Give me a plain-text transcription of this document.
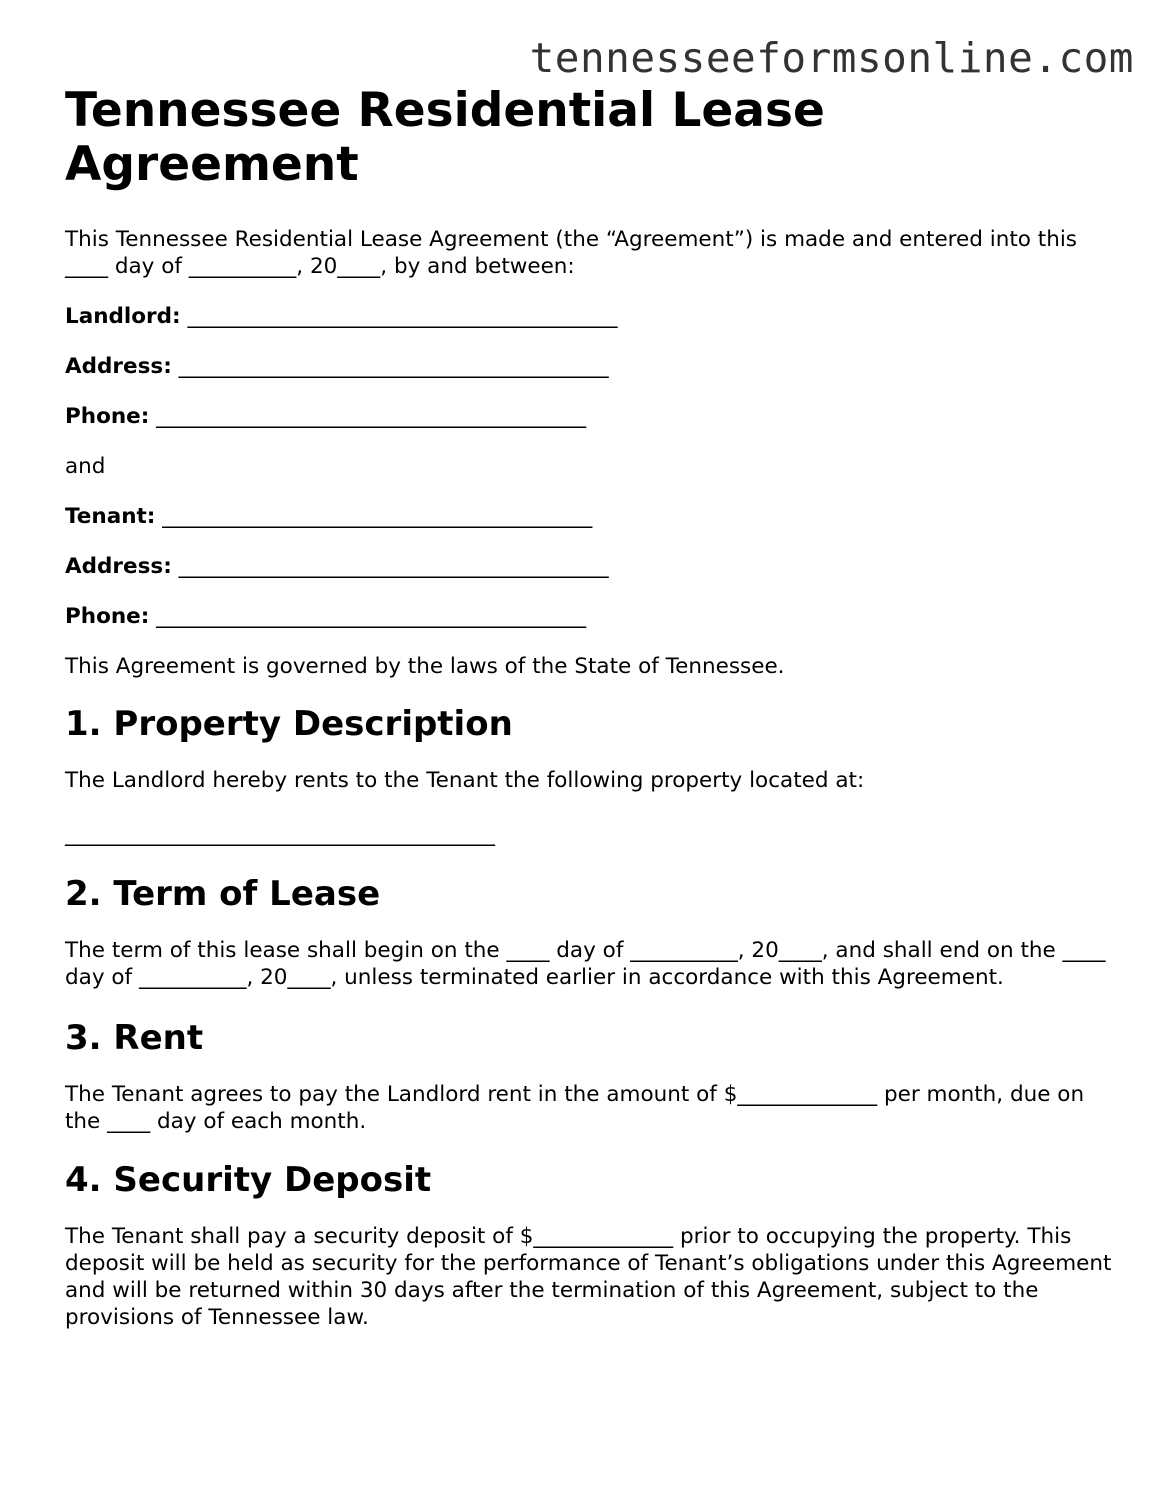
tennesseeformsonline.com
Tennessee Residential Lease Agreement

This Tennessee Residential Lease Agreement (the “Agreement”) is made and entered into this ____ day of __________, 20____, by and between:

Landlord: ________________________________________

Address: ________________________________________

Phone: ________________________________________

and

Tenant: ________________________________________

Address: ________________________________________

Phone: ________________________________________

This Agreement is governed by the laws of the State of Tennessee.

1. Property Description

The Landlord hereby rents to the Tenant the following property located at:

________________________________________

2. Term of Lease

The term of this lease shall begin on the ____ day of __________, 20____, and shall end on the ____ day of __________, 20____, unless terminated earlier in accordance with this Agreement.

3. Rent

The Tenant agrees to pay the Landlord rent in the amount of $_____________ per month, due on the ____ day of each month.

4. Security Deposit

The Tenant shall pay a security deposit of $_____________ prior to occupying the property. This deposit will be held as security for the performance of Tenant’s obligations under this Agreement and will be returned within 30 days after the termination of this Agreement, subject to the provisions of Tennessee law.
